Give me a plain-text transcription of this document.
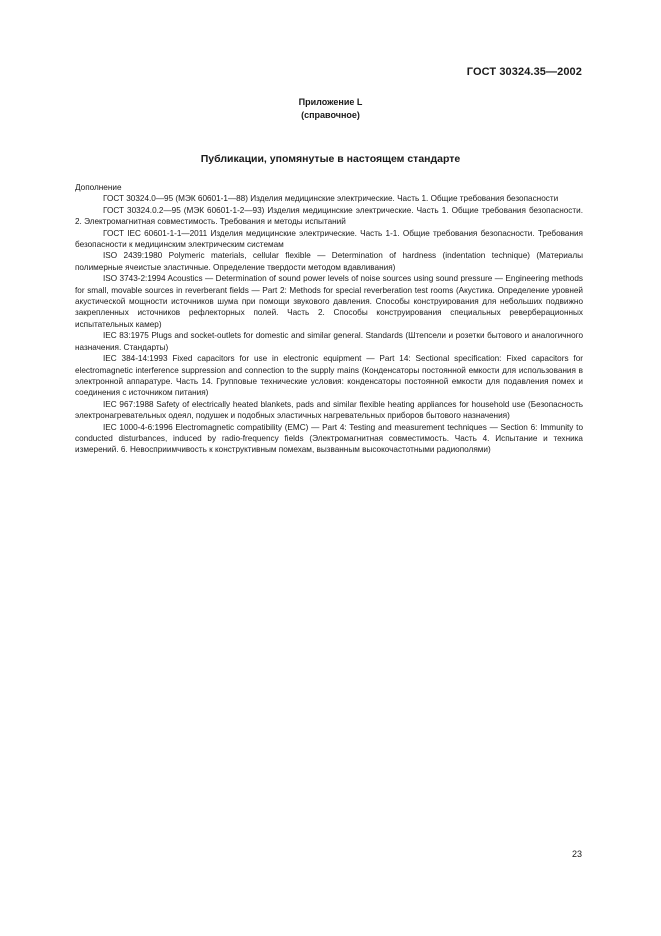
ГОСТ 30324.35—2002
Приложение L
(справочное)
Публикации, упомянутые в настоящем стандарте

Дополнение

ГОСТ 30324.0—95 (МЭК 60601-1—88) Изделия медицинские электрические. Часть 1. Общие требования безопасности

ГОСТ 30324.0.2—95 (МЭК 60601-1-2—93) Изделия медицинские электрические. Часть 1. Общие требования безопасности. 2. Электромагнитная совместимость. Требования и методы испытаний

ГОСТ IEC 60601-1-1—2011 Изделия медицинские электрические. Часть 1-1. Общие требования безопасности. Требования безопасности к медицинским электрическим системам

ISO 2439:1980 Polymeric materials, cellular flexible — Determination of hardness (indentation technique) (Материалы полимерные ячеистые эластичные. Определение твердости методом вдавливания)

ISO 3743-2:1994 Acoustics — Determination of sound power levels of noise sources using sound pressure — Engineering methods for small, movable sources in reverberant fields — Part 2: Methods for special reverberation test rooms (Акустика. Определение уровней акустической мощности источников шума при помощи звукового давления. Способы конструирования для небольших подвижно закрепленных источников рефлекторных полей. Часть 2. Способы конструирования специальных реверберационных испытательных камер)

IEC 83:1975 Plugs and socket-outlets for domestic and similar general. Standards (Штепсели и розетки бытового и аналогичного назначения. Стандарты)

IEC 384-14:1993 Fixed capacitors for use in electronic equipment — Part 14: Sectional specification: Fixed capacitors for electromagnetic interference suppression and connection to the supply mains (Конденсаторы постоянной емкости для использования в электронной аппаратуре. Часть 14. Групповые технические условия: конденсаторы постоянной емкости для подавления помех и соединения с источником питания)

IEC 967:1988 Safety of electrically heated blankets, pads and similar flexible heating appliances for household use (Безопасность электронагревательных одеял, подушек и подобных эластичных нагревательных приборов бытового назначения)

IEC 1000-4-6:1996 Electromagnetic compatibility (EMC) — Part 4: Testing and measurement techniques — Section 6: Immunity to conducted disturbances, induced by radio-frequency fields (Электромагнитная совместимость. Часть 4. Испытание и техника измерений. 6. Невосприимчивость к конструктивным помехам, вызванным высокочастотными радиополями)

23
